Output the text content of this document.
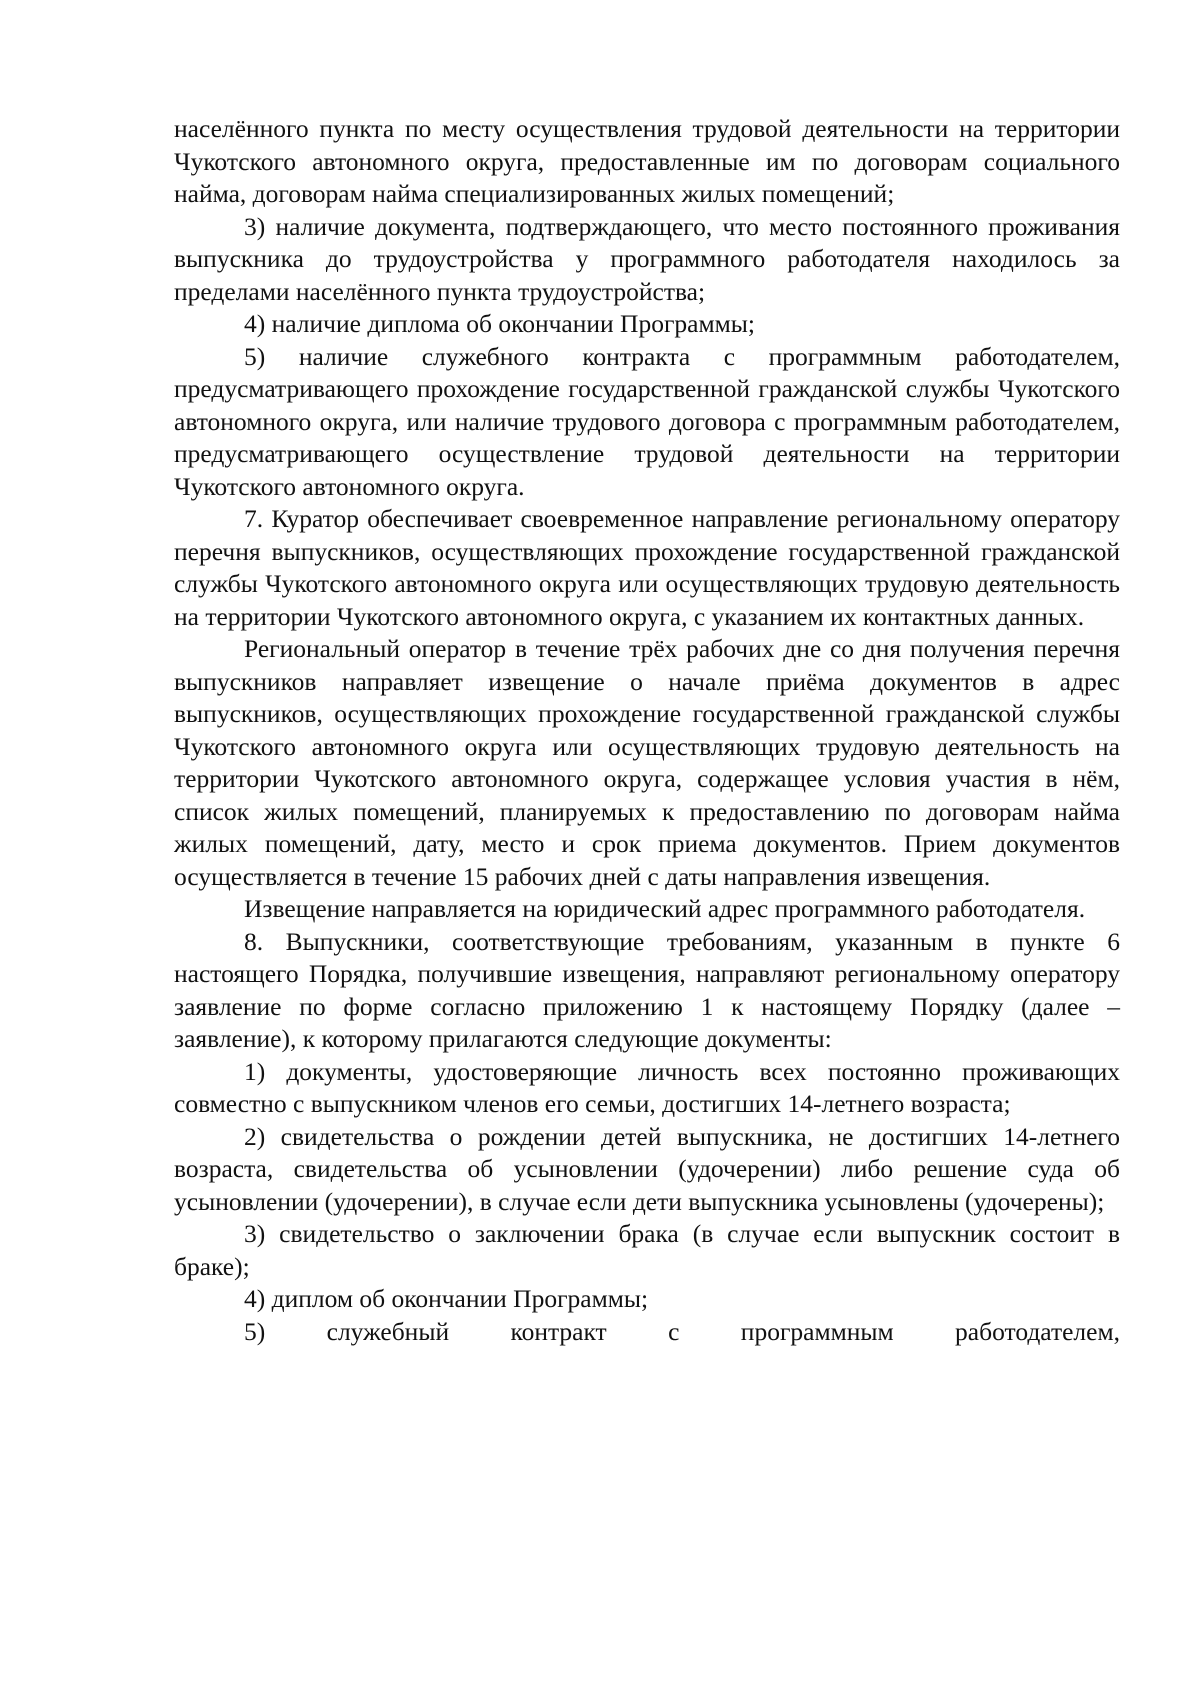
населённого пункта по месту осуществления трудовой деятельности на территории Чукотского автономного округа, предоставленные им по договорам социального найма, договорам найма специализированных жилых помещений;

3) наличие документа, подтверждающего, что место постоянного проживания выпускника до трудоустройства у программного работодателя находилось за пределами населённого пункта трудоустройства;

4) наличие диплома об окончании Программы;

5) наличие служебного контракта с программным работодателем, предусматривающего прохождение государственной гражданской службы Чукотского автономного округа, или наличие трудового договора с программным работодателем, предусматривающего осуществление трудовой деятельности на территории Чукотского автономного округа.

7. Куратор обеспечивает своевременное направление региональному оператору перечня выпускников, осуществляющих прохождение государственной гражданской службы Чукотского автономного округа или осуществляющих трудовую деятельность на территории Чукотского автономного округа, с указанием их контактных данных.

Региональный оператор в течение трёх рабочих дне со дня получения перечня выпускников направляет извещение о начале приёма документов в адрес выпускников, осуществляющих прохождение государственной гражданской службы Чукотского автономного округа или осуществляющих трудовую деятельность на территории Чукотского автономного округа, содержащее условия участия в нём, список жилых помещений, планируемых к предоставлению по договорам найма жилых помещений, дату, место и срок приема документов. Прием документов осуществляется в течение 15 рабочих дней с даты направления извещения.

Извещение направляется на юридический адрес программного работодателя.

8. Выпускники, соответствующие требованиям, указанным в пункте 6 настоящего Порядка, получившие извещения, направляют региональному оператору заявление по форме согласно приложению 1 к настоящему Порядку (далее – заявление), к которому прилагаются следующие документы:

1) документы, удостоверяющие личность всех постоянно проживающих совместно с выпускником членов его семьи, достигших 14-летнего возраста;

2) свидетельства о рождении детей выпускника, не достигших 14-летнего возраста, свидетельства об усыновлении (удочерении) либо решение суда об усыновлении (удочерении), в случае если дети выпускника усыновлены (удочерены);

3) свидетельство о заключении брака (в случае если выпускник состоит в браке);

4) диплом об окончании Программы;

5) служебный контракт с программным работодателем,
